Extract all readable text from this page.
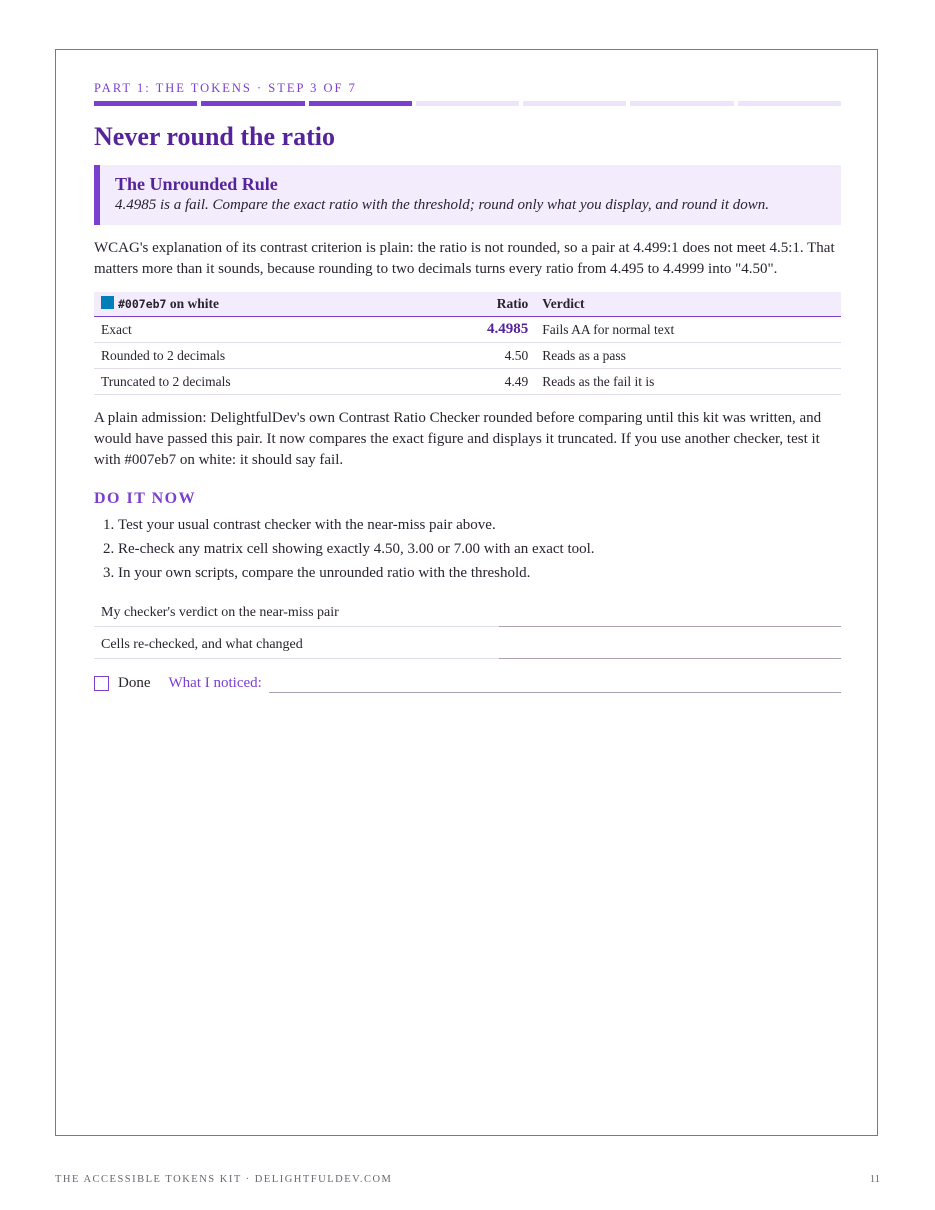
PART 1: THE TOKENS · STEP 3 OF 7
Never round the ratio
The Unrounded Rule
4.4985 is a fail. Compare the exact ratio with the threshold; round only what you display, and round it down.

WCAG's explanation of its contrast criterion is plain: the ratio is not rounded, so a pair at 4.499:1 does not meet 4.5:1. That matters more than it sounds, because rounding to two decimals turns every ratio from 4.495 to 4.4999 into "4.50".

#007eb7 on white	Ratio	Verdict
Exact	4.4985	Fails AA for normal text
Rounded to 2 decimals	4.50	Reads as a pass
Truncated to 2 decimals	4.49	Reads as the fail it is

A plain admission: DelightfulDev's own Contrast Ratio Checker rounded before comparing until this kit was written, and would have passed this pair. It now compares the exact figure and displays it truncated. If you use another checker, test it with #007eb7 on white: it should say fail.

DO IT NOW
1. Test your usual contrast checker with the near-miss pair above.
2. Re-check any matrix cell showing exactly 4.50, 3.00 or 7.00 with an exact tool.
3. In your own scripts, compare the unrounded ratio with the threshold.
My checker's verdict on the near-miss pair
Cells re-checked, and what changed
Done What I noticed:
THE ACCESSIBLE TOKENS KIT · DELIGHTFULDEV.COM	11
